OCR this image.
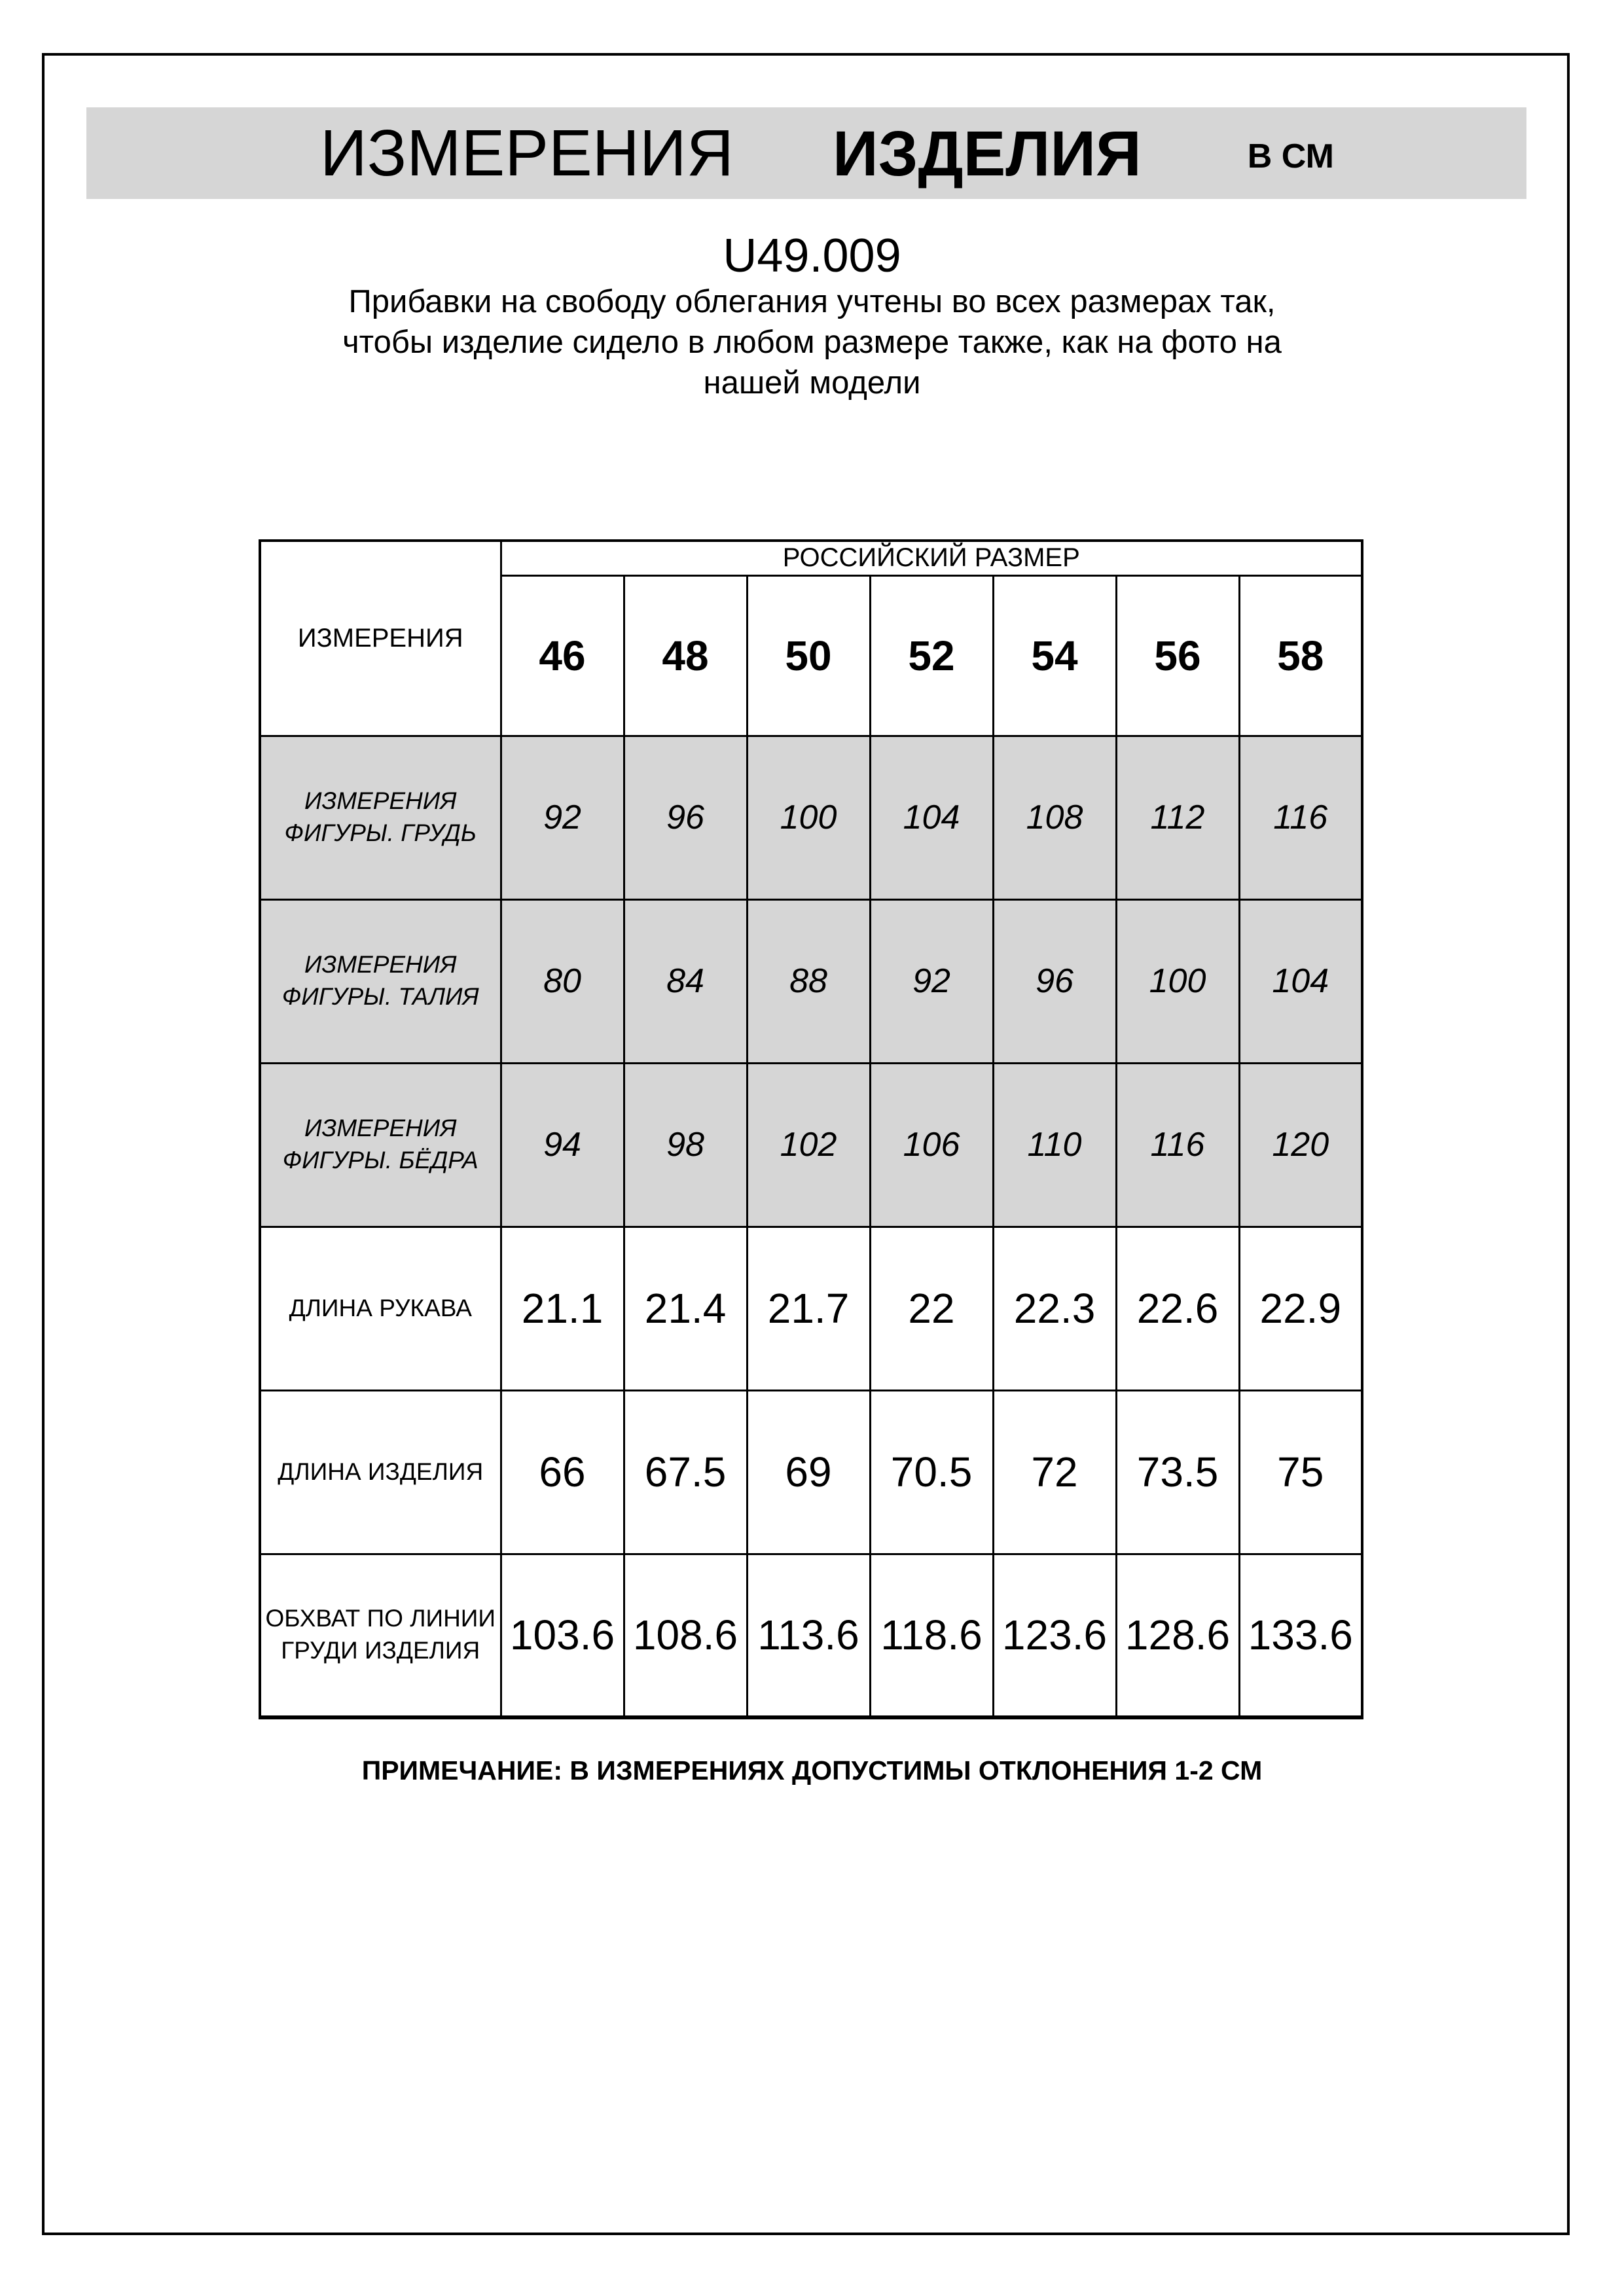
ИЗМЕРЕНИЯ ИЗДЕЛИЯ	В СМ
U49.009
Прибавки на свободу облегания учтены во всех размерах так,
чтобы изделие сидело в любом размере также, как на фото на
нашей модели
ИЗМЕРЕНИЯ	РОССИЙСКИЙ РАЗМЕР						
	46	48	50	52	54	56	58
ИЗМЕРЕНИЯ ФИГУРЫ. ГРУДЬ	92	96	100	104	108	112	116
ИЗМЕРЕНИЯ ФИГУРЫ. ТАЛИЯ	80	84	88	92	96	100	104
ИЗМЕРЕНИЯ ФИГУРЫ. БЁДРА	94	98	102	106	110	116	120
ДЛИНА РУКАВА	21.1	21.4	21.7	22	22.3	22.6	22.9
ДЛИНА ИЗДЕЛИЯ	66	67.5	69	70.5	72	73.5	75
ОБХВАТ ПО ЛИНИИ ГРУДИ ИЗДЕЛИЯ	103.6	108.6	113.6	118.6	123.6	128.6	133.6
ПРИМЕЧАНИЕ: В ИЗМЕРЕНИЯХ ДОПУСТИМЫ ОТКЛОНЕНИЯ 1-2 СМ
